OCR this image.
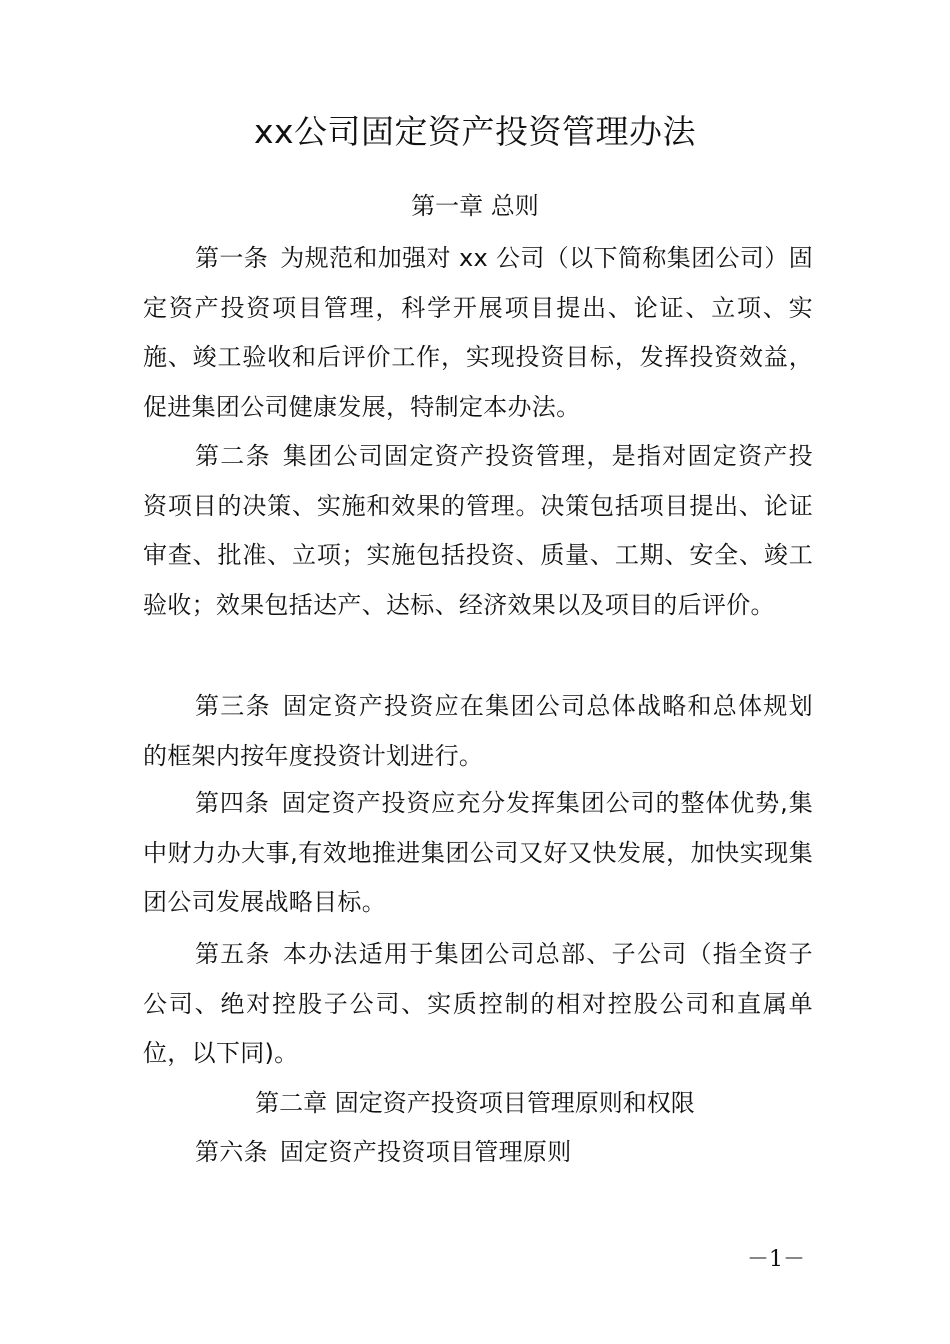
xx公司固定资产投资管理办法
第一章 总则

第一条 为规范和加强对 xx 公司（以下简称集团公司）固定资产投资项目管理，科学开展项目提出、论证、立项、实施、竣工验收和后评价工作，实现投资目标，发挥投资效益，促进集团公司健康发展，特制定本办法。

第二条 集团公司固定资产投资管理，是指对固定资产投资项目的决策、实施和效果的管理。决策包括项目提出、论证审查、批准、立项；实施包括投资、质量、工期、安全、竣工验收；效果包括达产、达标、经济效果以及项目的后评价。

第三条 固定资产投资应在集团公司总体战略和总体规划的框架内按年度投资计划进行。

第四条 固定资产投资应充分发挥集团公司的整体优势,集中财力办大事,有效地推进集团公司又好又快发展，加快实现集团公司发展战略目标。

第五条 本办法适用于集团公司总部、子公司（指全资子公司、绝对控股子公司、实质控制的相对控股公司和直属单位，以下同)。

第二章 固定资产投资项目管理原则和权限

第六条 固定资产投资项目管理原则

－1－
